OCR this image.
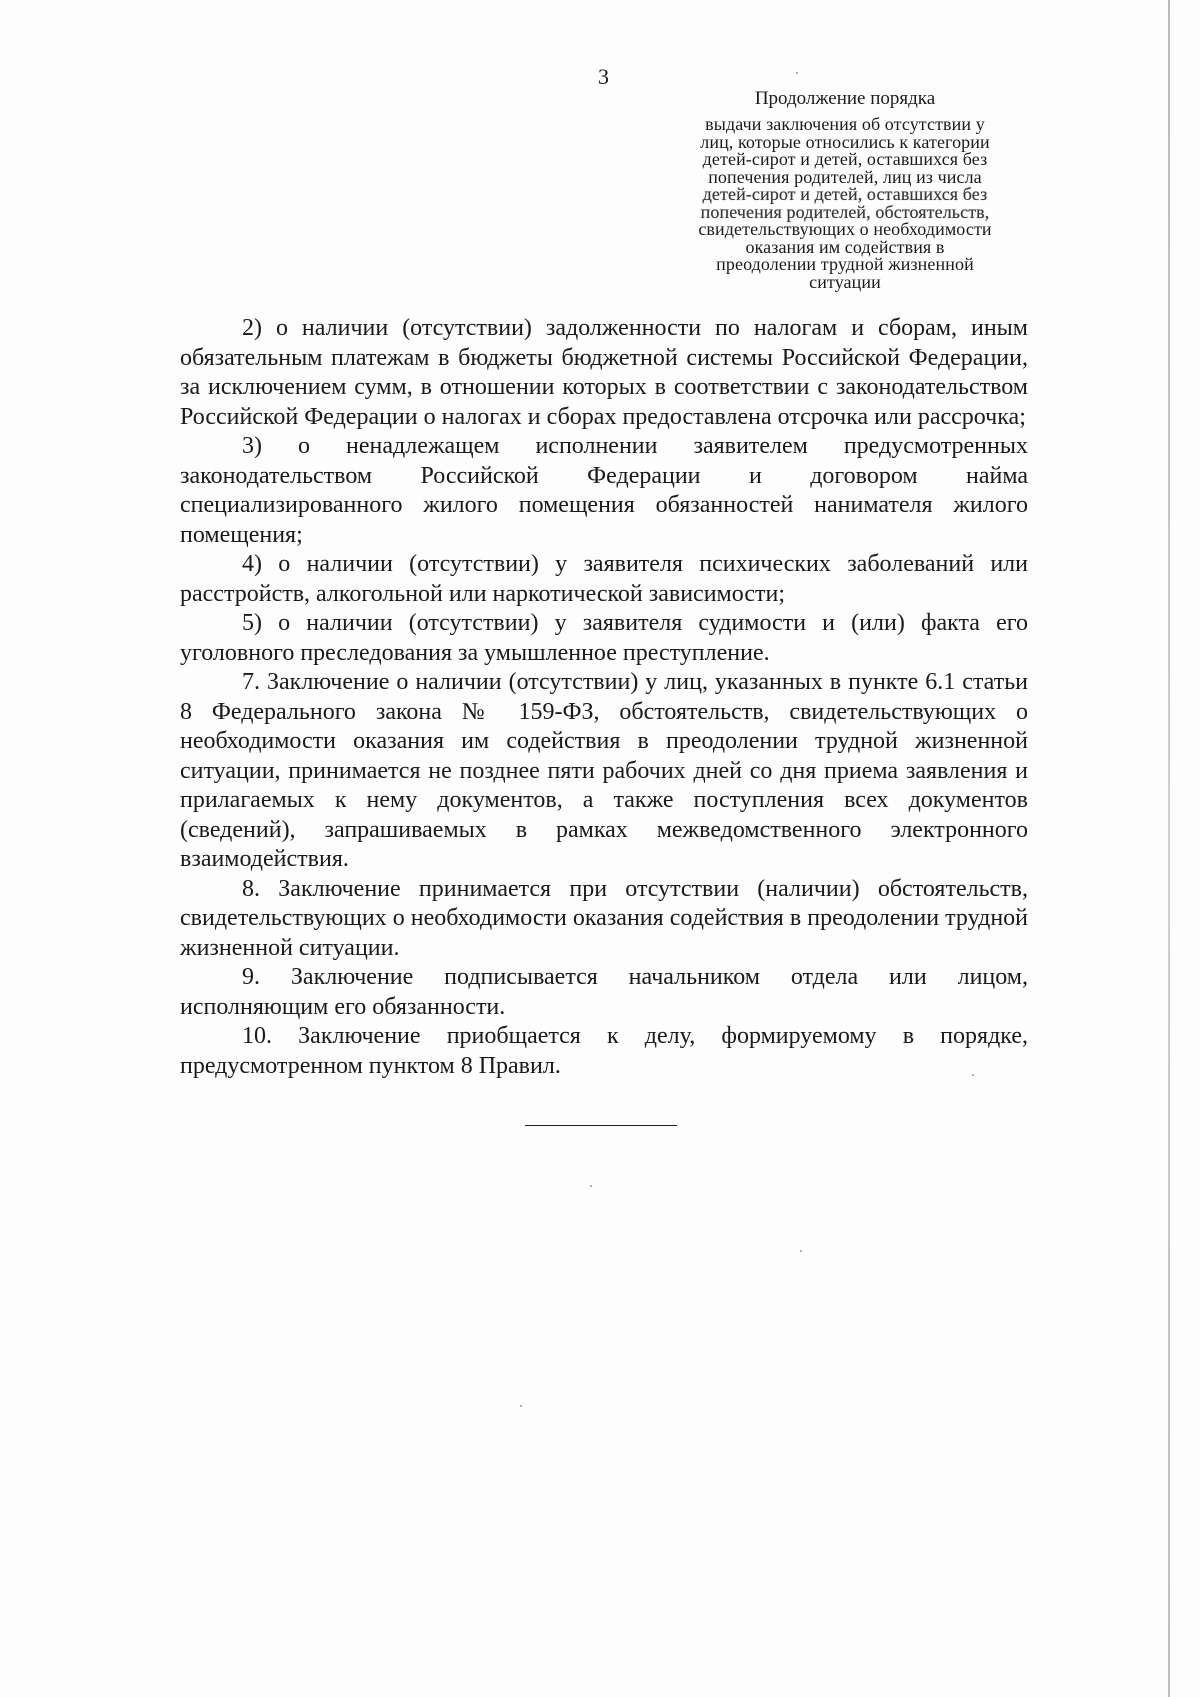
3
Продолжение порядка
выдачи заключения об отсутствии у
лиц, которые относились к категории
детей-сирот и детей, оставшихся без
попечения родителей, лиц из числа
детей-сирот и детей, оставшихся без
попечения родителей, обстоятельств,
свидетельствующих о необходимости
оказания им содействия в
преодолении трудной жизненной
ситуации

2) о наличии (отсутствии) задолженности по налогам и сборам, иным обязательным платежам в бюджеты бюджетной системы Российской Федерации, за исключением сумм, в отношении которых в соответствии с законодательством Российской Федерации о налогах и сборах предоставлена отсрочка или рассрочка;

3) о ненадлежащем исполнении заявителем предусмотренных законодательством Российской Федерации и договором найма специализированного жилого помещения обязанностей нанимателя жилого помещения;

4) о наличии (отсутствии) у заявителя психических заболеваний или расстройств, алкогольной или наркотической зависимости;

5) о наличии (отсутствии) у заявителя судимости и (или) факта его уголовного преследования за умышленное преступление.

7. Заключение о наличии (отсутствии) у лиц, указанных в пункте 6.1 статьи 8 Федерального закона № 159-ФЗ, обстоятельств, свидетельствующих о необходимости оказания им содействия в преодолении трудной жизненной ситуации, принимается не позднее пяти рабочих дней со дня приема заявления и прилагаемых к нему документов, а также поступления всех документов (сведений), запрашиваемых в рамках межведомственного электронного взаимодействия.

8. Заключение принимается при отсутствии (наличии) обстоятельств, свидетельствующих о необходимости оказания содействия в преодолении трудной жизненной ситуации.

9. Заключение подписывается начальником отдела или лицом, исполняющим его обязанности.

10. Заключение приобщается к делу, формируемому в порядке, предусмотренном пунктом 8 Правил.
